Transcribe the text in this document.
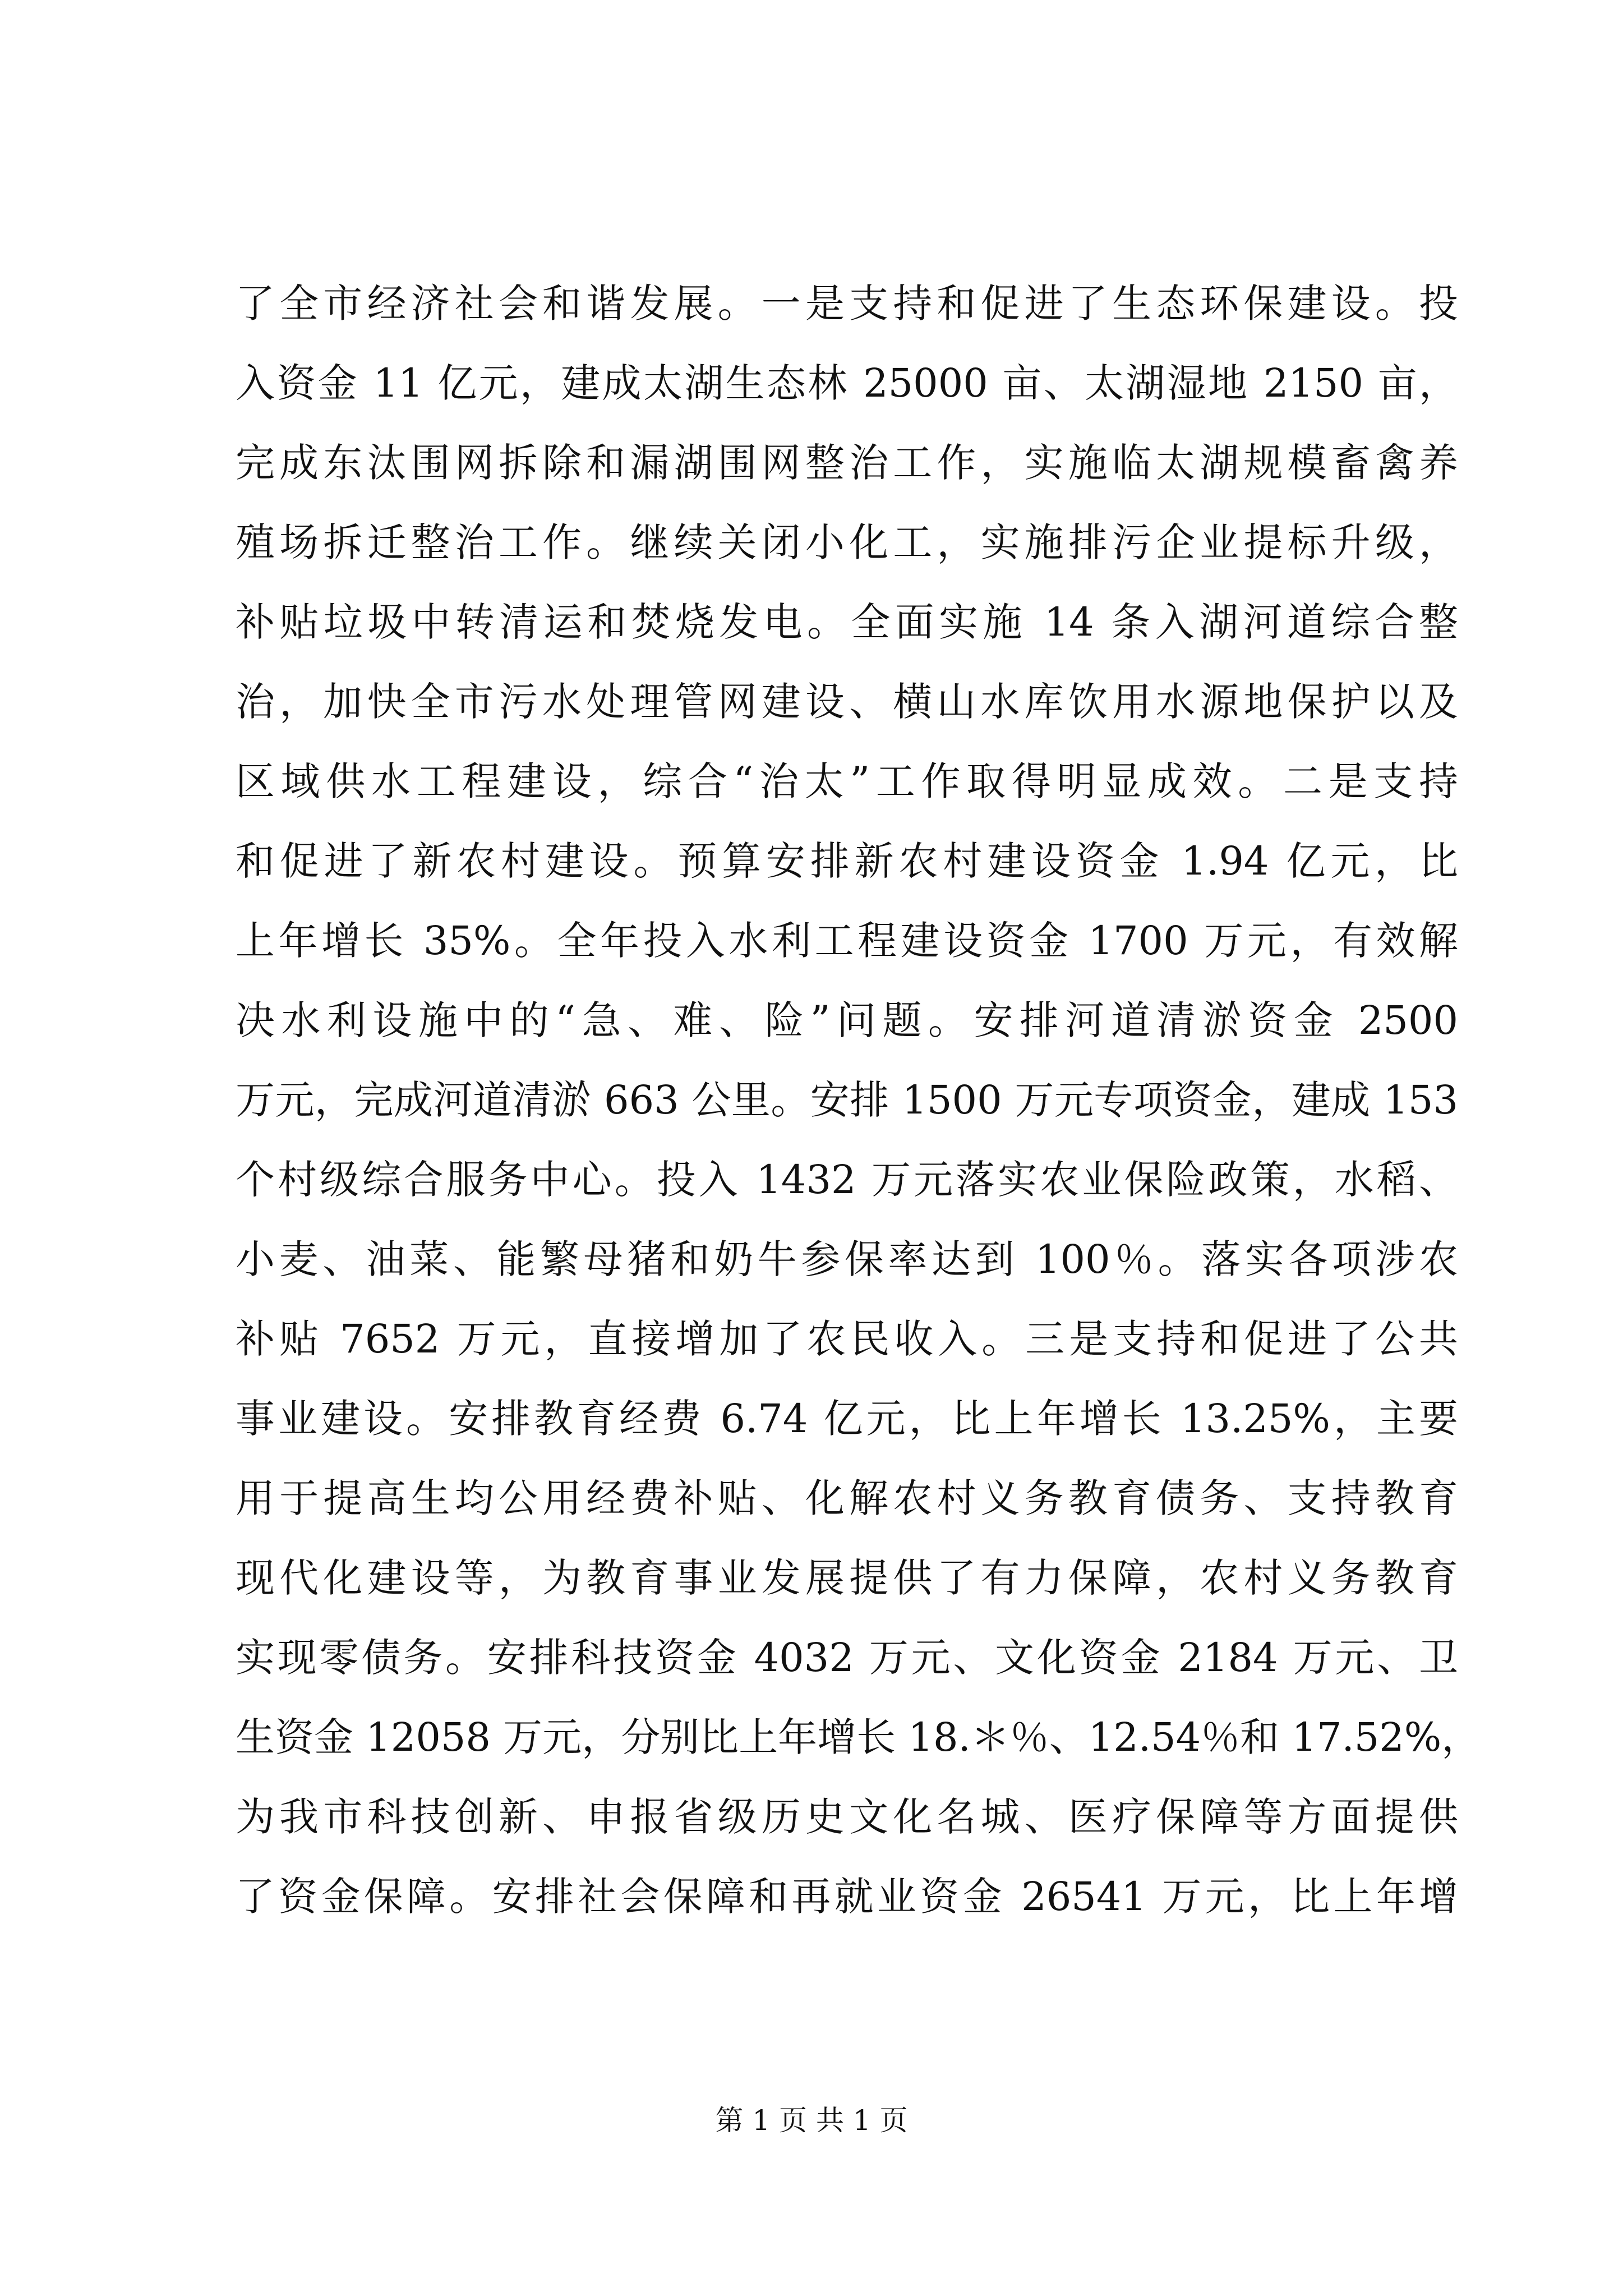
了全市经济社会和谐发展。一是支持和促进了生态环保建设。投
入资金 11 亿元，建成太湖生态林 25000 亩、太湖湿地 2150 亩，
完成东汰围网拆除和漏湖围网整治工作，实施临太湖规模畜禽养
殖场拆迁整治工作。继续关闭小化工，实施排污企业提标升级，
补贴垃圾中转清运和焚烧发电。全面实施 14 条入湖河道综合整
治，加快全市污水处理管网建设、横山水库饮用水源地保护以及
区域供水工程建设，综合“治太”工作取得明显成效。二是支持
和促进了新农村建设。预算安排新农村建设资金 1.94 亿元，比
上年增长 35%。全年投入水利工程建设资金 1700 万元，有效解
决水利设施中的“急、难、险”问题。安排河道清淤资金 2500
万元，完成河道清淤 663 公里。安排 1500 万元专项资金，建成 153
个村级综合服务中心。投入 1432 万元落实农业保险政策，水稻、
小麦、油菜、能繁母猪和奶牛参保率达到 100％。落实各项涉农
补贴 7652 万元，直接增加了农民收入。三是支持和促进了公共
事业建设。安排教育经费 6.74 亿元，比上年增长 13.25%，主要
用于提高生均公用经费补贴、化解农村义务教育债务、支持教育
现代化建设等，为教育事业发展提供了有力保障，农村义务教育
实现零债务。安排科技资金 4032 万元、文化资金 2184 万元、卫
生资金 12058 万元，分别比上年增长 18.＊％、12.54％和 17.52%，
为我市科技创新、申报省级历史文化名城、医疗保障等方面提供
了资金保障。安排社会保障和再就业资金 26541 万元，比上年增
第 1 页 共 1 页
